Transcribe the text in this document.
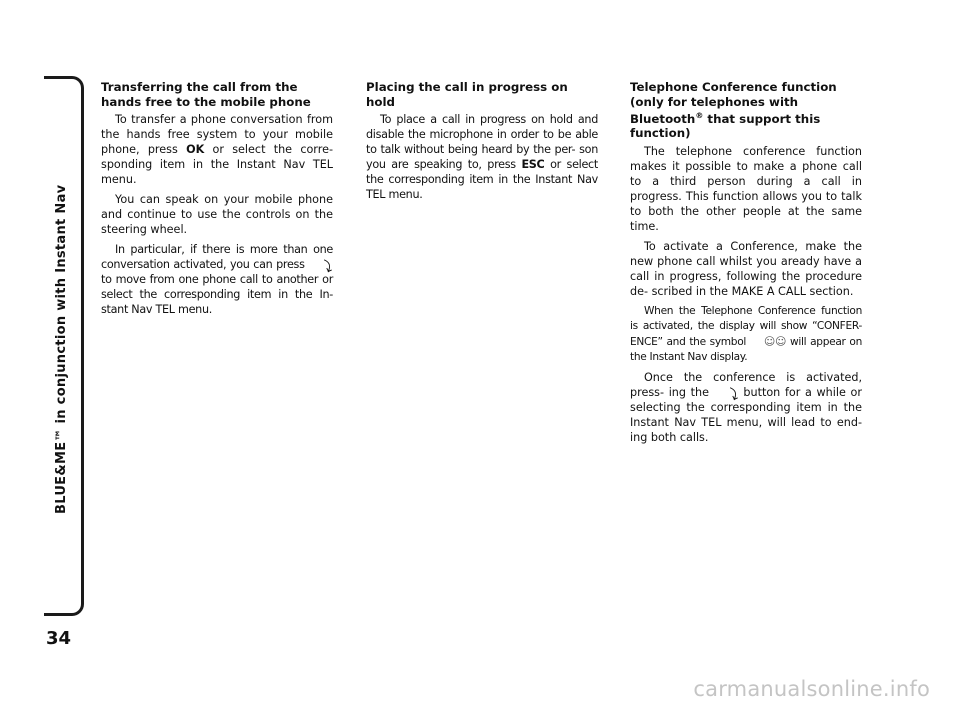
BLUE&ME™ in conjunction with Instant Nav
34
Transferring the call from the hands free to the mobile phone

To transfer a phone conversation from the hands free system to your mobile phone, press OK or select the corre- sponding item in the Instant Nav TEL menu.

You can speak on your mobile phone and continue to use the controls on the steering wheel.

In particular, if there is more than one conversation activated, you can press ⤵ to move from one phone call to another or select the corresponding item in the In- stant Nav TEL menu.

Placing the call in progress on hold

To place a call in progress on hold and disable the microphone in order to be able to talk without being heard by the per- son you are speaking to, press ESC or select the corresponding item in the Instant Nav TEL menu.

Telephone Conference function (only for telephones with Bluetooth® that support this function)

The telephone conference function makes it possible to make a phone call to a third person during a call in progress. This function allows you to talk to both the other people at the same time.

To activate a Conference, make the new phone call whilst you aready have a call in progress, following the procedure de- scribed in the MAKE A CALL section.

When the Telephone Conference function is activated, the display will show “CONFER- ENCE” and the symbol ☺☺ will appear on the Instant Nav display.

Once the conference is activated, press- ing the ⤵ button for a while or selecting the corresponding item in the Instant Nav TEL menu, will lead to end- ing both calls.

carmanualsonline.info
